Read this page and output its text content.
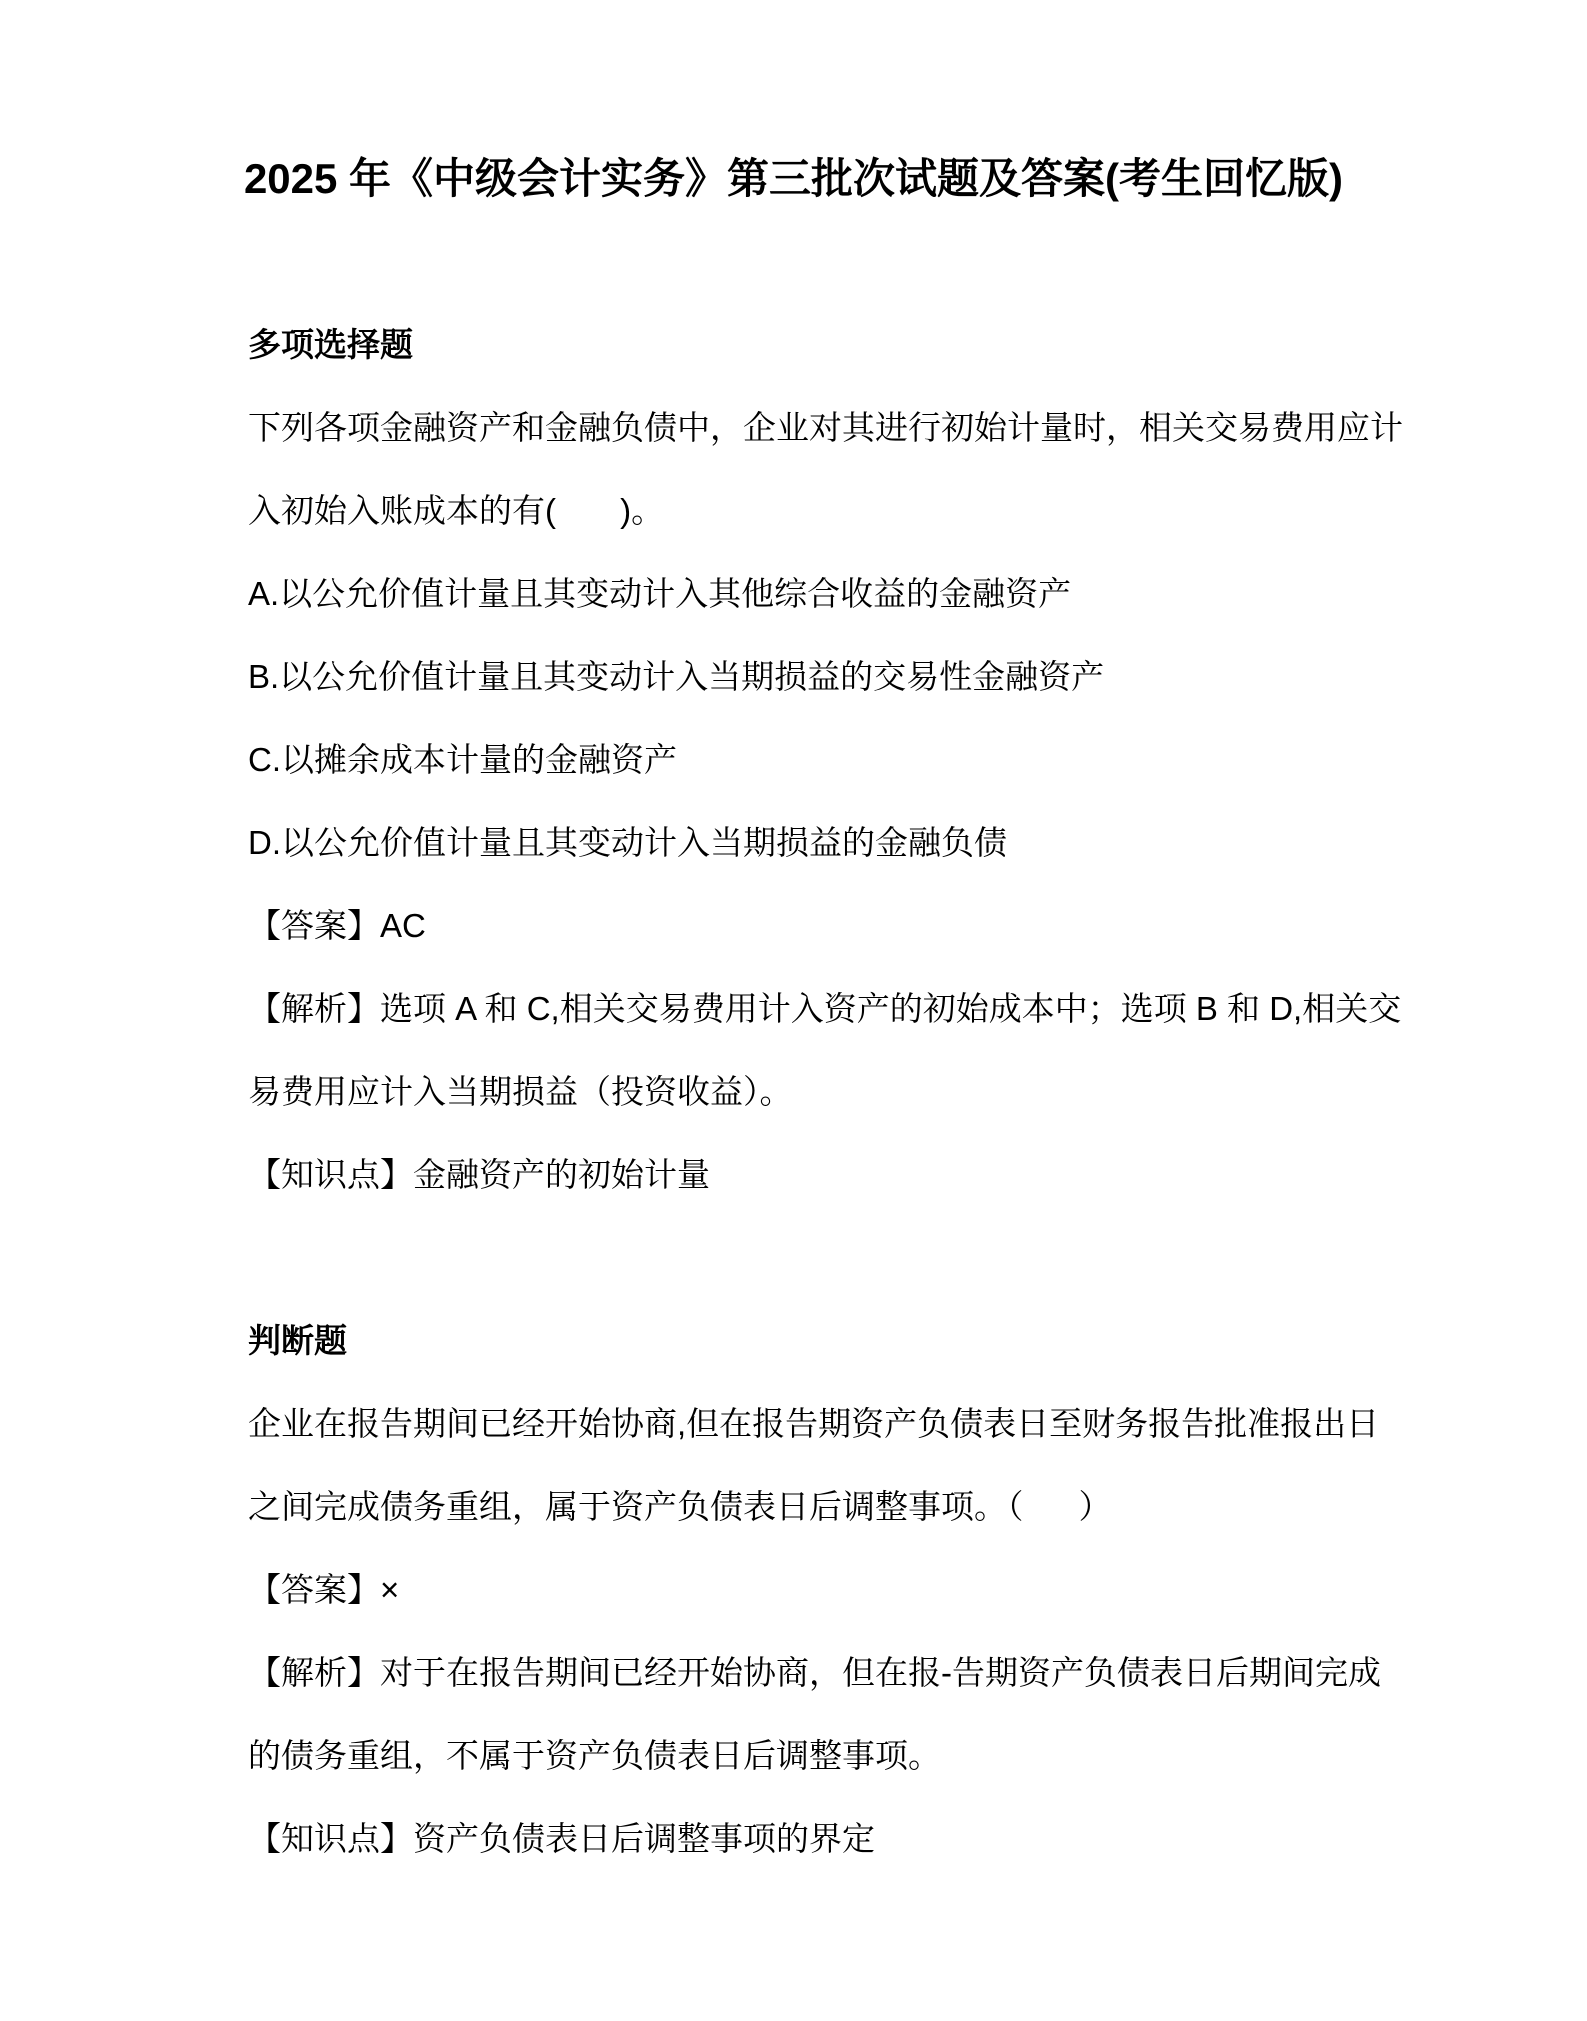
2025 年《中级会计实务》第三批次试题及答案(考生回忆版)
多项选择题
下列各项金融资产和金融负债中，企业对其进行初始计量时，相关交易费用应计
入初始入账成本的有(       )。
A.以公允价值计量且其变动计入其他综合收益的金融资产
B.以公允价值计量且其变动计入当期损益的交易性金融资产
C.以摊余成本计量的金融资产
D.以公允价值计量且其变动计入当期损益的金融负债
【答案】AC
【解析】选项 A 和 C,相关交易费用计入资产的初始成本中；选项 B 和 D,相关交
易费用应计入当期损益（投资收益）。
【知识点】金融资产的初始计量
判断题
企业在报告期间已经开始协商,但在报告期资产负债表日至财务报告批准报出日
之间完成债务重组，属于资产负债表日后调整事项。（      ）
【答案】×
【解析】对于在报告期间已经开始协商，但在报-告期资产负债表日后期间完成
的债务重组，不属于资产负债表日后调整事项。
【知识点】资产负债表日后调整事项的界定
